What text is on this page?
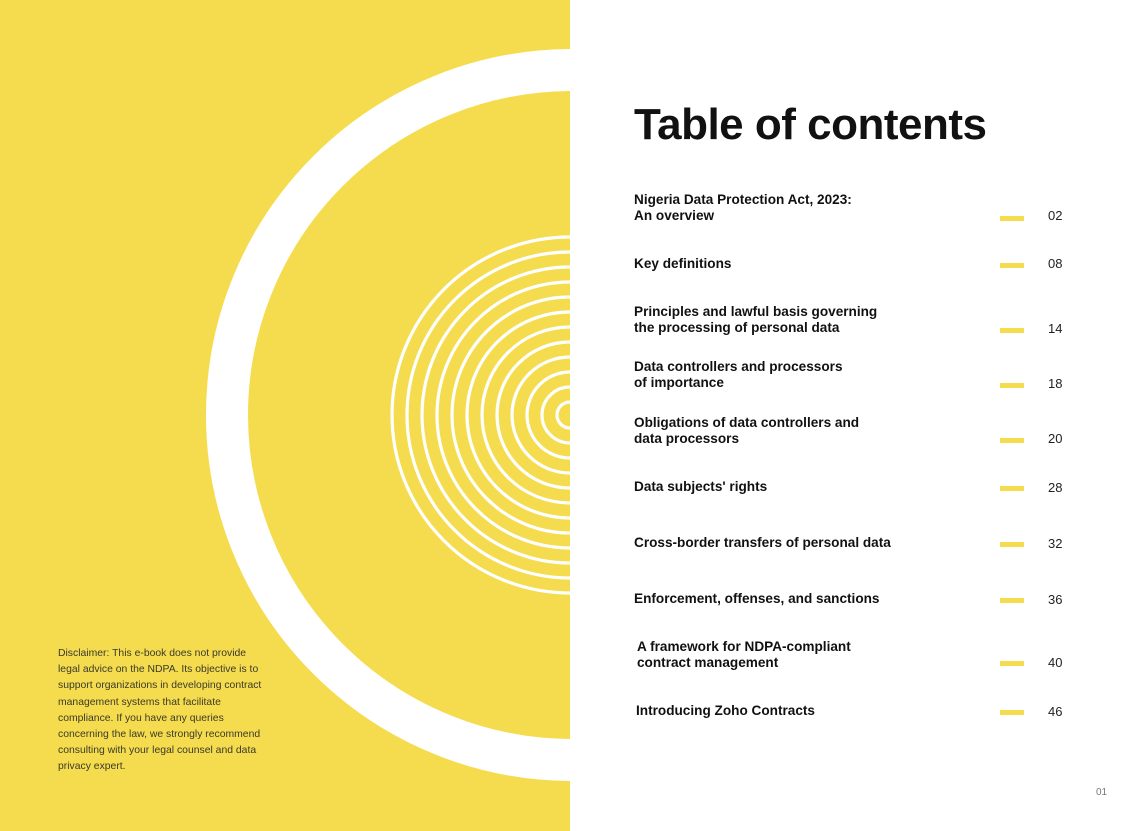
Disclaimer: This e-book does not provide legal advice on the NDPA. Its objective is to support organizations in developing contract management systems that facilitate compliance. If you have any queries concerning the law, we strongly recommend consulting with your legal counsel and data privacy expert.

Table of contents
Nigeria Data Protection Act, 2023:
An overview	02
Key definitions	08
Principles and lawful basis governing
the processing of personal data	14
Data controllers and processors
of importance	18
Obligations of data controllers and
data processors	20
Data subjects' rights	28
Cross-border transfers of personal data	32
Enforcement, offenses, and sanctions	36
A framework for NDPA-compliant
contract management	40
Introducing Zoho Contracts	46
01
